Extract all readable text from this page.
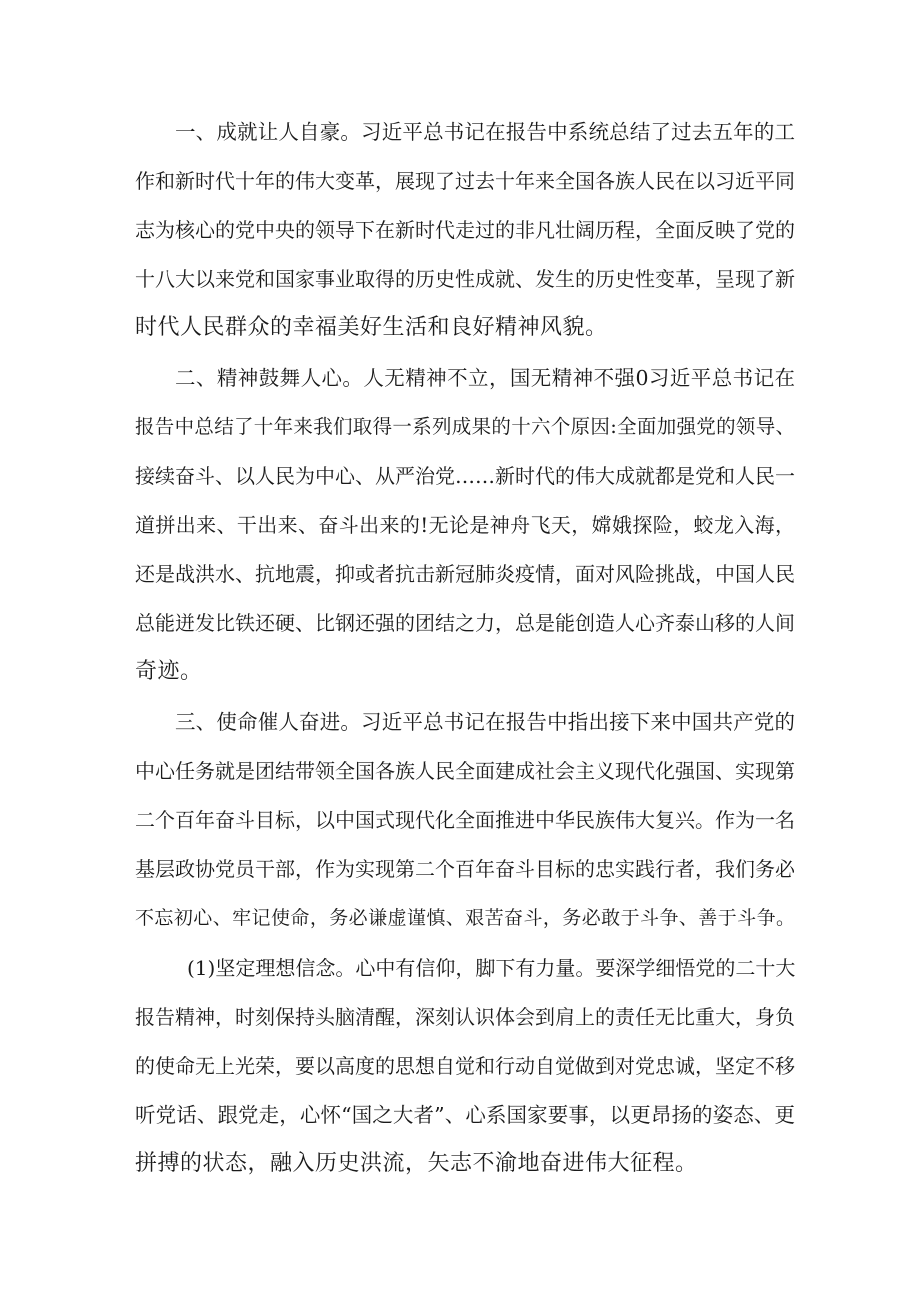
一、成就让人自豪。习近平总书记在报告中系统总结了过去五年的工
作和新时代十年的伟大变革，展现了过去十年来全国各族人民在以习近平同
志为核心的党中央的领导下在新时代走过的非凡壮阔历程，全面反映了党的
十八大以来党和国家事业取得的历史性成就、发生的历史性变革，呈现了新
时代人民群众的幸福美好生活和良好精神风貌。
二、精神鼓舞人心。人无精神不立，国无精神不强0习近平总书记在
报告中总结了十年来我们取得一系列成果的十六个原因:全面加强党的领导、
接续奋斗、以人民为中心、从严治党……新时代的伟大成就都是党和人民一
道拼出来、干出来、奋斗出来的!无论是神舟飞天，嫦娥探险，蛟龙入海，
还是战洪水、抗地震，抑或者抗击新冠肺炎疫情，面对风险挑战，中国人民
总能迸发比铁还硬、比钢还强的团结之力，总是能创造人心齐泰山移的人间
奇迹。
三、使命催人奋进。习近平总书记在报告中指出接下来中国共产党的
中心任务就是团结带领全国各族人民全面建成社会主义现代化强国、实现第
二个百年奋斗目标，以中国式现代化全面推进中华民族伟大复兴。作为一名
基层政协党员干部，作为实现第二个百年奋斗目标的忠实践行者，我们务必
不忘初心、牢记使命，务必谦虚谨慎、艰苦奋斗，务必敢于斗争、善于斗争。
(1)坚定理想信念。心中有信仰，脚下有力量。要深学细悟党的二十大
报告精神，时刻保持头脑清醒，深刻认识体会到肩上的责任无比重大，身负
的使命无上光荣，要以高度的思想自觉和行动自觉做到对党忠诚，坚定不移
听党话、跟党走，心怀“国之大者”、心系国家要事，以更昂扬的姿态、更
拼搏的状态，融入历史洪流，矢志不渝地奋进伟大征程。
